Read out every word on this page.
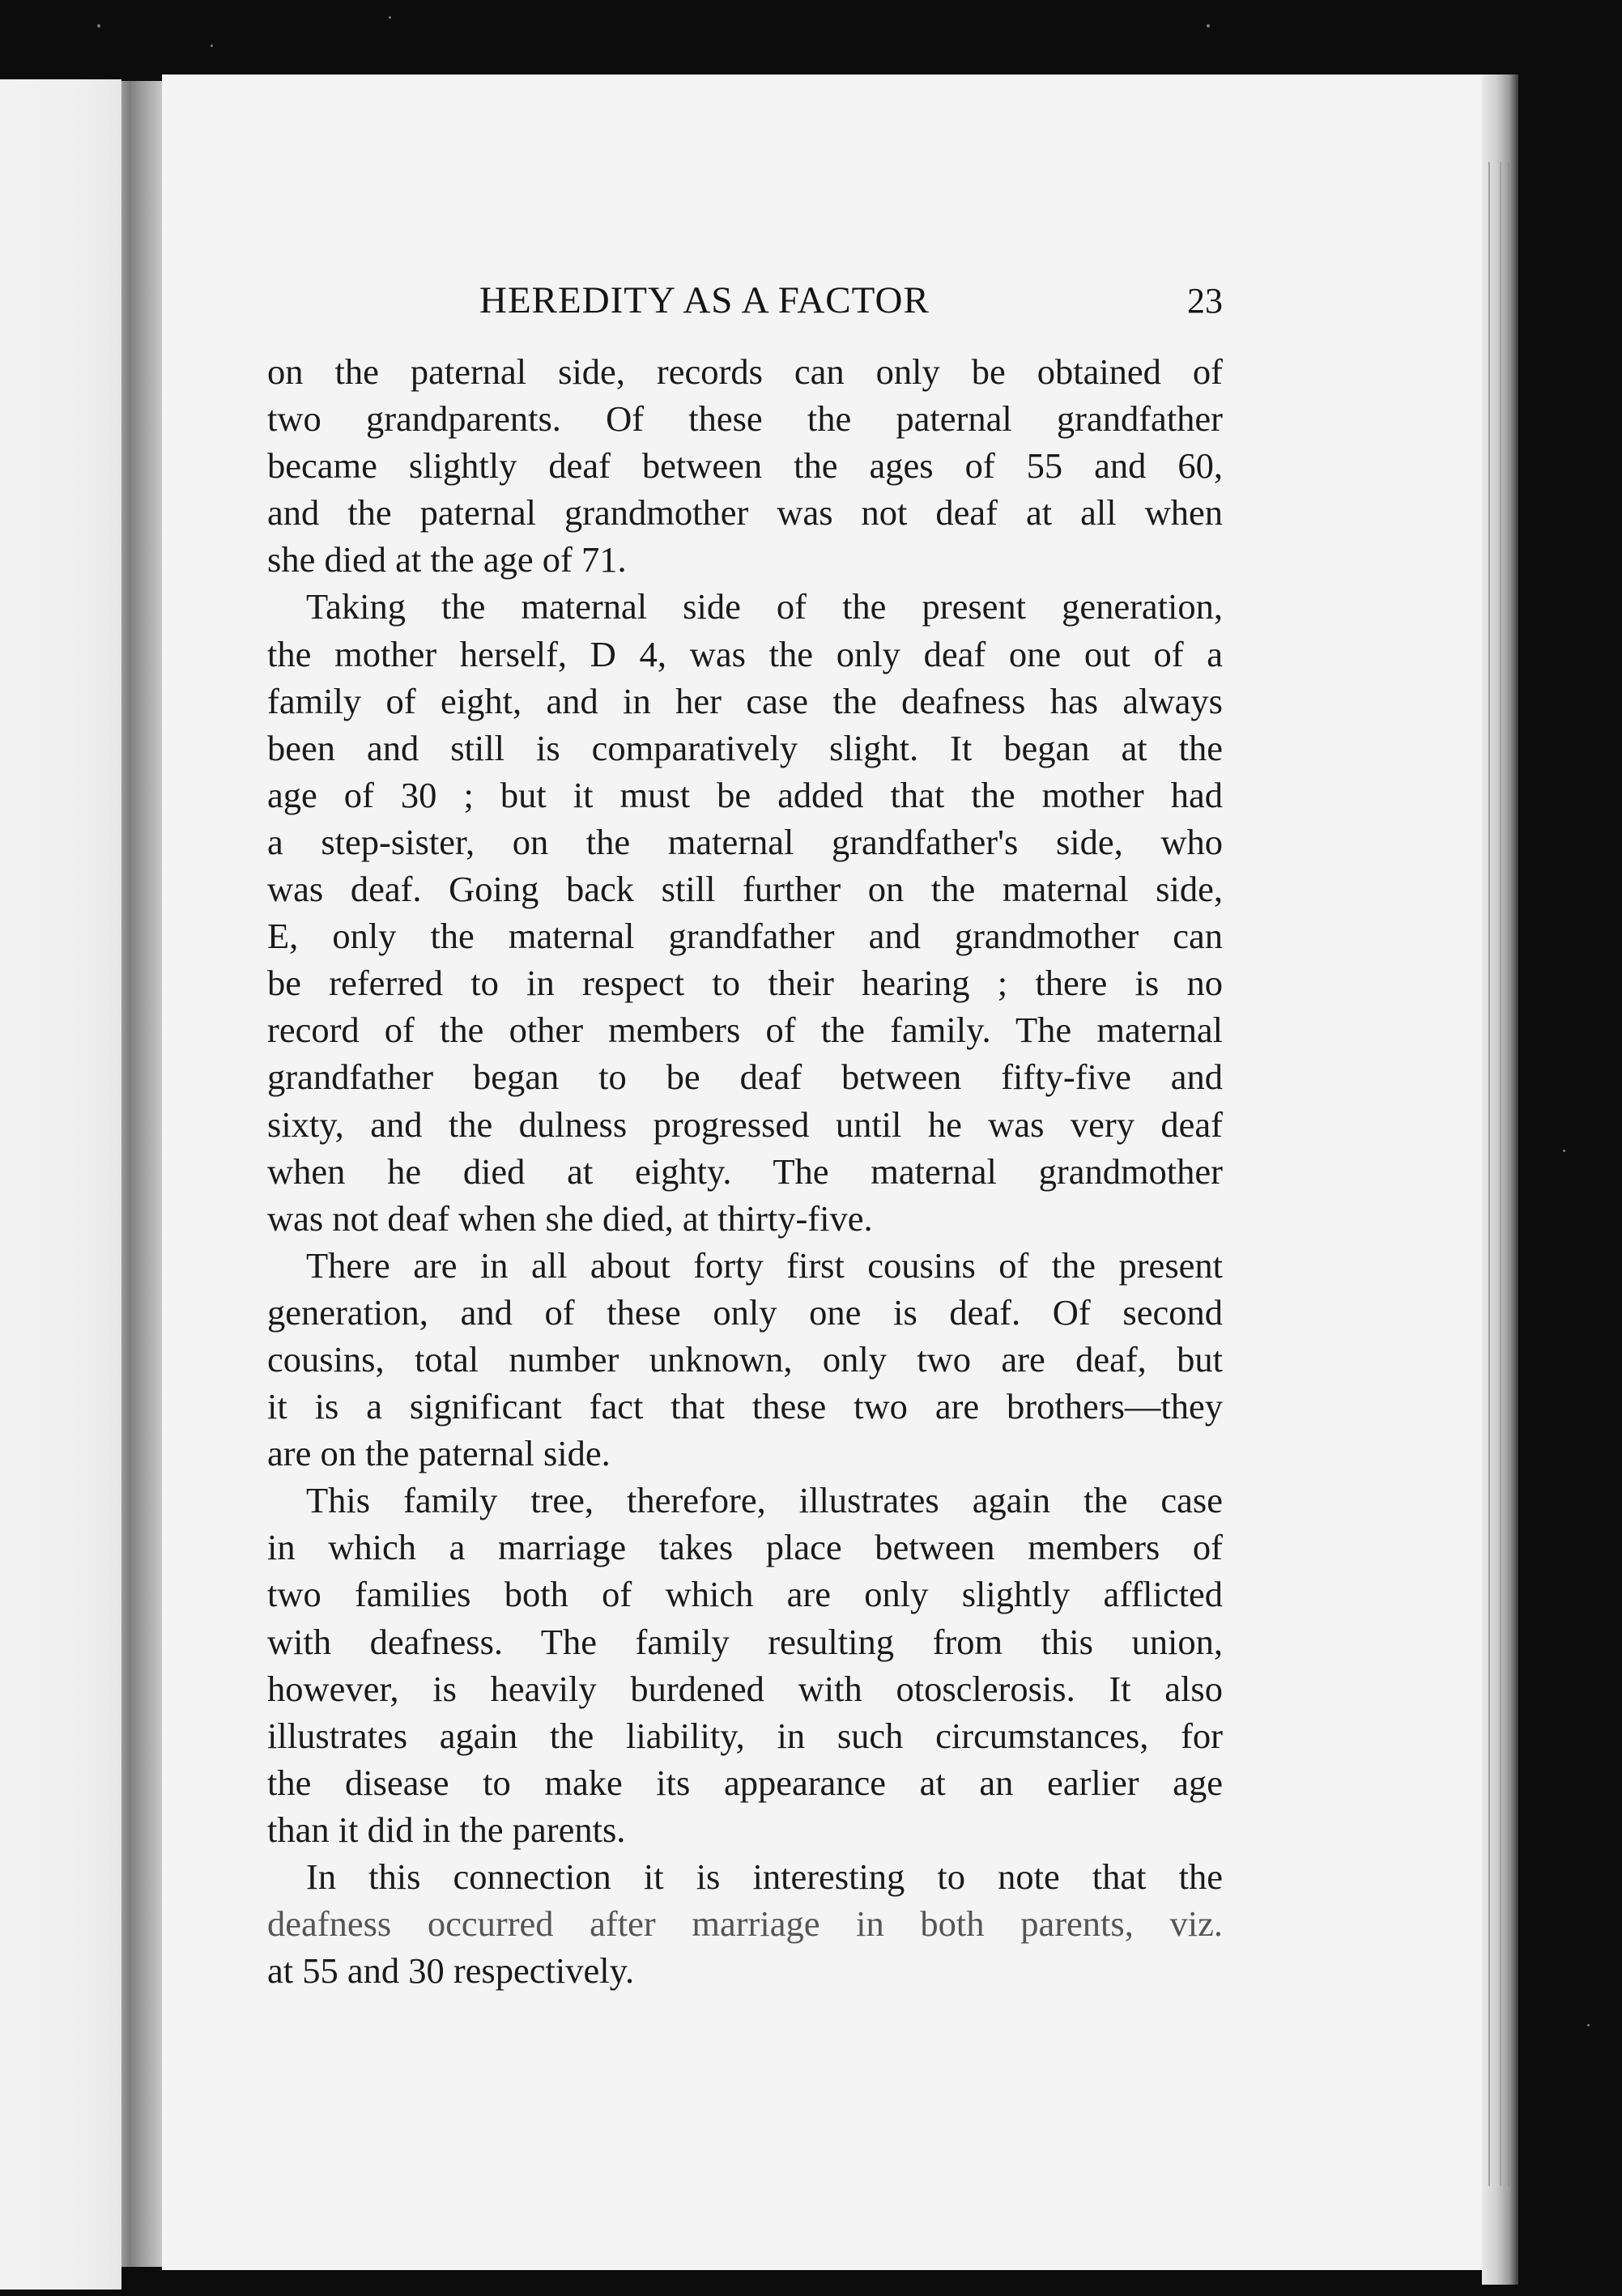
HEREDITY AS A FACTOR	23
on the paternal side, records can only be obtained of
two grandparents. Of these the paternal grandfather
became slightly deaf between the ages of 55 and 60,
and the paternal grandmother was not deaf at all when
she died at the age of 71.
Taking the maternal side of the present generation,
the mother herself, D 4, was the only deaf one out of a
family of eight, and in her case the deafness has always
been and still is comparatively slight. It began at the
age of 30 ; but it must be added that the mother had
a step-sister, on the maternal grandfather's side, who
was deaf. Going back still further on the maternal side,
E, only the maternal grandfather and grandmother can
be referred to in respect to their hearing ; there is no
record of the other members of the family. The maternal
grandfather began to be deaf between fifty-five and
sixty, and the dulness progressed until he was very deaf
when he died at eighty. The maternal grandmother
was not deaf when she died, at thirty-five.
There are in all about forty first cousins of the present
generation, and of these only one is deaf. Of second
cousins, total number unknown, only two are deaf, but
it is a significant fact that these two are brothers—they
are on the paternal side.
This family tree, therefore, illustrates again the case
in which a marriage takes place between members of
two families both of which are only slightly afflicted
with deafness. The family resulting from this union,
however, is heavily burdened with otosclerosis. It also
illustrates again the liability, in such circumstances, for
the disease to make its appearance at an earlier age
than it did in the parents.
In this connection it is interesting to note that the
deafness occurred after marriage in both parents, viz.
at 55 and 30 respectively.
